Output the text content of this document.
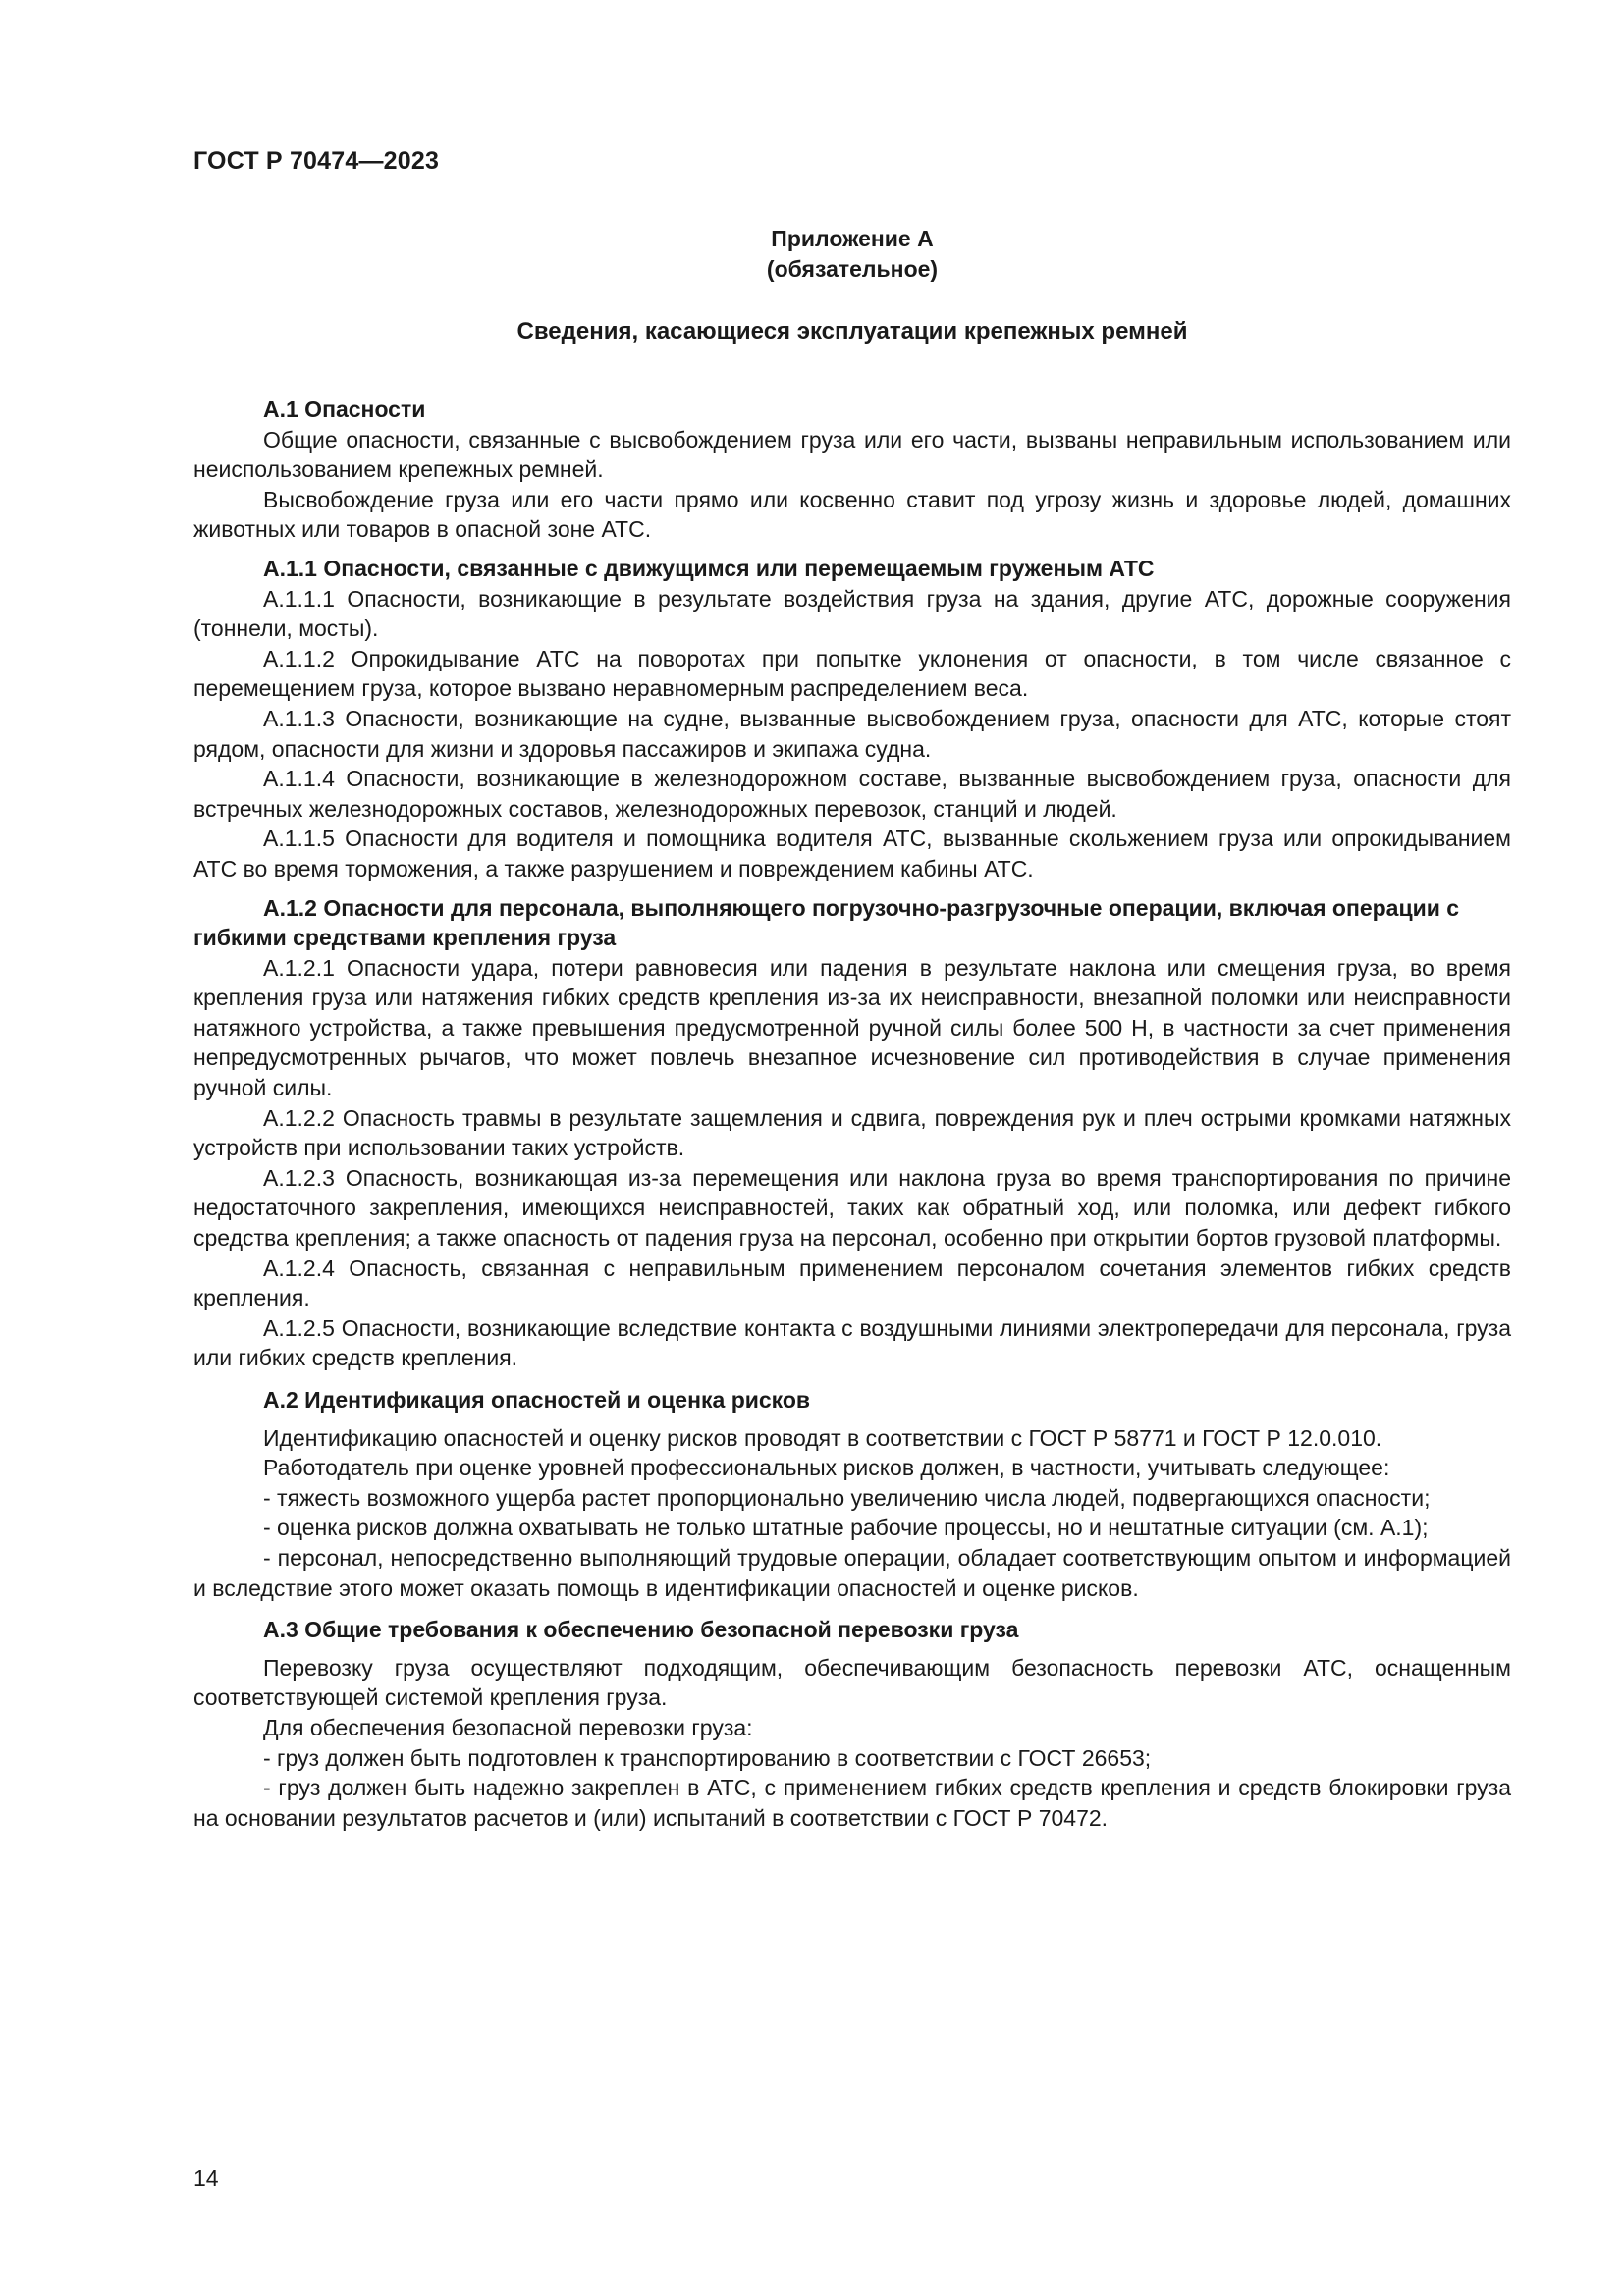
ГОСТ Р 70474—2023
Приложение А
(обязательное)
Сведения, касающиеся эксплуатации крепежных ремней
А.1 Опасности

Общие опасности, связанные с высвобождением груза или его части, вызваны неправильным использованием или неиспользованием крепежных ремней.

Высвобождение груза или его части прямо или косвенно ставит под угрозу жизнь и здоровье людей, домашних животных или товаров в опасной зоне АТС.

А.1.1 Опасности, связанные с движущимся или перемещаемым груженым АТС

А.1.1.1 Опасности, возникающие в результате воздействия груза на здания, другие АТС, дорожные сооружения (тоннели, мосты).

А.1.1.2 Опрокидывание АТС на поворотах при попытке уклонения от опасности, в том числе связанное с перемещением груза, которое вызвано неравномерным распределением веса.

А.1.1.3 Опасности, возникающие на судне, вызванные высвобождением груза, опасности для АТС, которые стоят рядом, опасности для жизни и здоровья пассажиров и экипажа судна.

А.1.1.4 Опасности, возникающие в железнодорожном составе, вызванные высвобождением груза, опасности для встречных железнодорожных составов, железнодорожных перевозок, станций и людей.

А.1.1.5 Опасности для водителя и помощника водителя АТС, вызванные скольжением груза или опрокидыванием АТС во время торможения, а также разрушением и повреждением кабины АТС.

А.1.2 Опасности для персонала, выполняющего погрузочно-разгрузочные операции, включая операции с гибкими средствами крепления груза

А.1.2.1 Опасности удара, потери равновесия или падения в результате наклона или смещения груза, во время крепления груза или натяжения гибких средств крепления из-за их неисправности, внезапной поломки или неисправности натяжного устройства, а также превышения предусмотренной ручной силы более 500 Н, в частности за счет применения непредусмотренных рычагов, что может повлечь внезапное исчезновение сил противодействия в случае применения ручной силы.

А.1.2.2 Опасность травмы в результате защемления и сдвига, повреждения рук и плеч острыми кромками натяжных устройств при использовании таких устройств.

А.1.2.3 Опасность, возникающая из-за перемещения или наклона груза во время транспортирования по причине недостаточного закрепления, имеющихся неисправностей, таких как обратный ход, или поломка, или дефект гибкого средства крепления; а также опасность от падения груза на персонал, особенно при открытии бортов грузовой платформы.

А.1.2.4 Опасность, связанная с неправильным применением персоналом сочетания элементов гибких средств крепления.

А.1.2.5 Опасности, возникающие вследствие контакта с воздушными линиями электропередачи для персонала, груза или гибких средств крепления.

А.2 Идентификация опасностей и оценка рисков

Идентификацию опасностей и оценку рисков проводят в соответствии с ГОСТ Р 58771 и ГОСТ Р 12.0.010.

Работодатель при оценке уровней профессиональных рисков должен, в частности, учитывать следующее:

- тяжесть возможного ущерба растет пропорционально увеличению числа людей, подвергающихся опасности;

- оценка рисков должна охватывать не только штатные рабочие процессы, но и нештатные ситуации (см. А.1);

- персонал, непосредственно выполняющий трудовые операции, обладает соответствующим опытом и информацией и вследствие этого может оказать помощь в идентификации опасностей и оценке рисков.

А.3 Общие требования к обеспечению безопасной перевозки груза

Перевозку груза осуществляют подходящим, обеспечивающим безопасность перевозки АТС, оснащенным соответствующей системой крепления груза.

Для обеспечения безопасной перевозки груза:

- груз должен быть подготовлен к транспортированию в соответствии с ГОСТ 26653;

- груз должен быть надежно закреплен в АТС, с применением гибких средств крепления и средств блокировки груза на основании результатов расчетов и (или) испытаний в соответствии с ГОСТ Р 70472.

14
